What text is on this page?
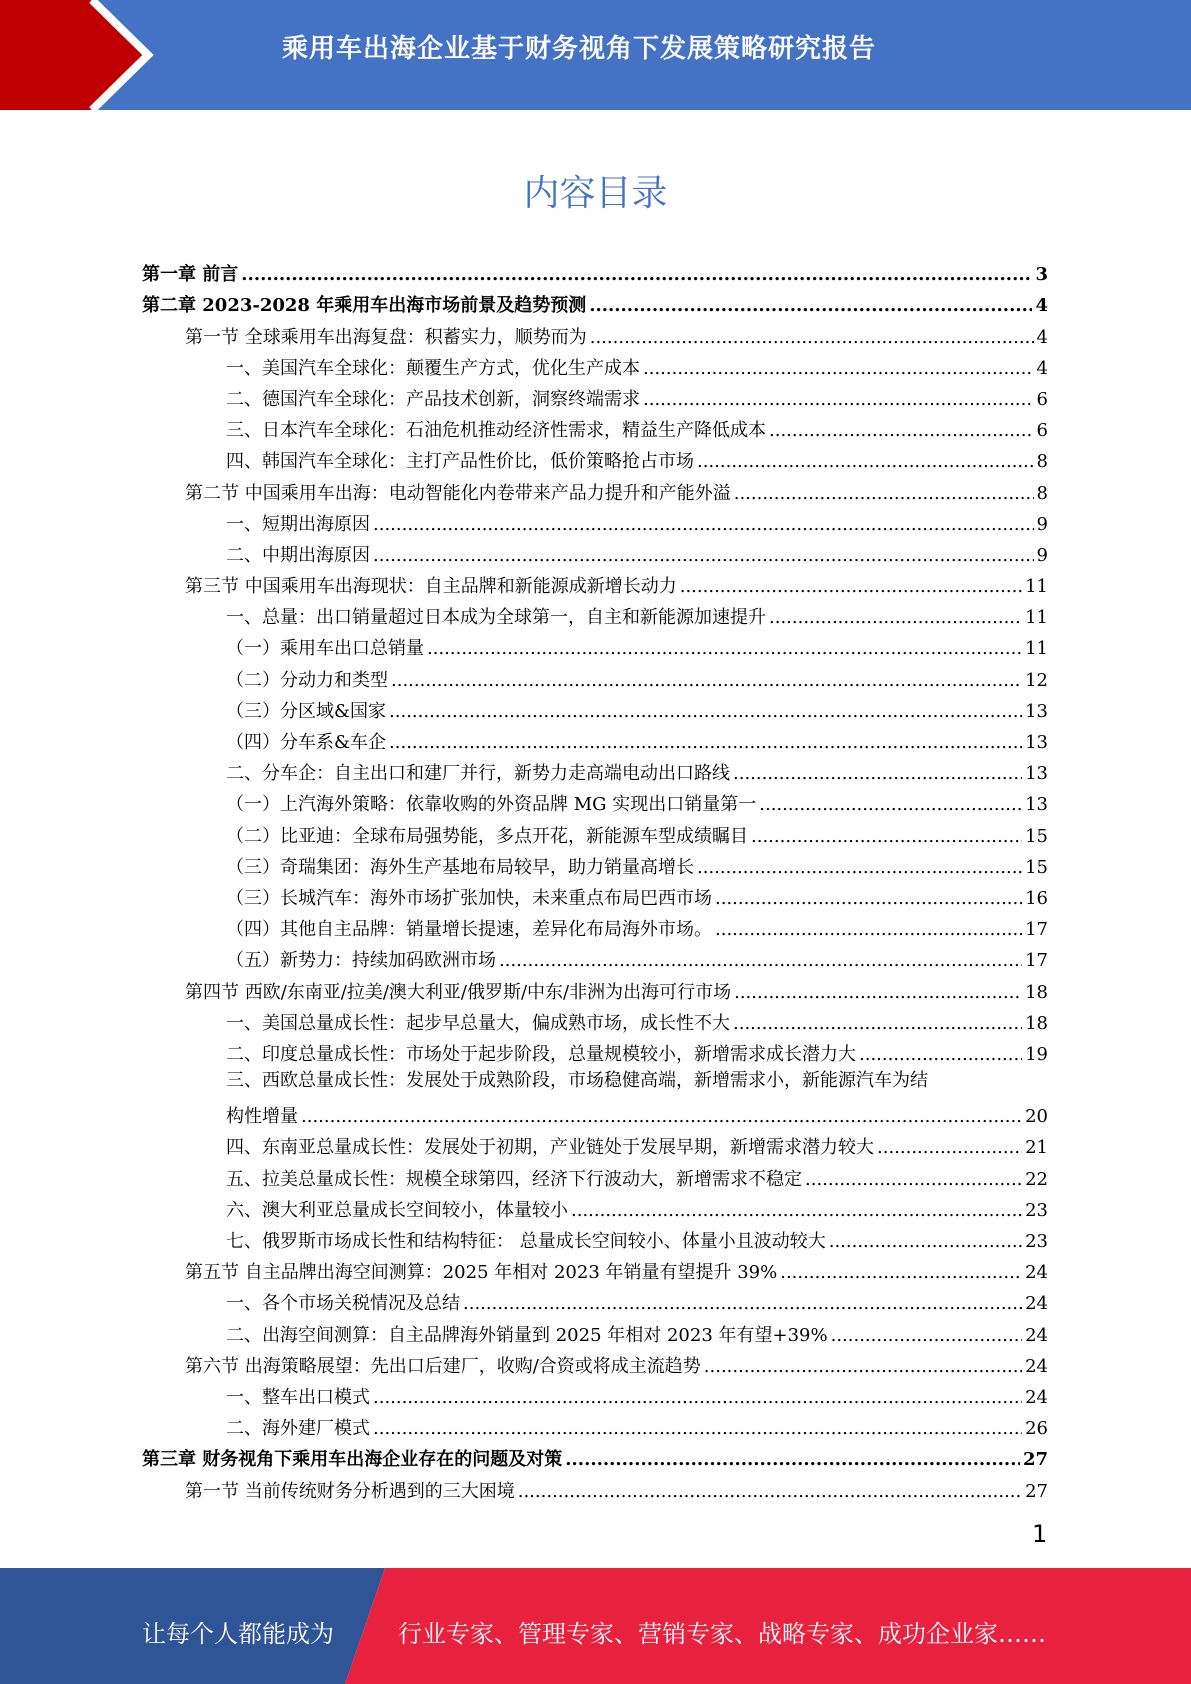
乘用车出海企业基于财务视角下发展策略研究报告
内容目录
第一章 前言 .....	3
第二章 2023-2028 年乘用车出海市场前景及趋势预测 .....	4
第一节 全球乘用车出海复盘：积蓄实力，顺势而为 .....	4
一、美国汽车全球化：颠覆生产方式，优化生产成本 .....	4
二、德国汽车全球化：产品技术创新，洞察终端需求 .....	6
三、日本汽车全球化：石油危机推动经济性需求，精益生产降低成本 .....	6
四、韩国汽车全球化：主打产品性价比，低价策略抢占市场 .....	8
第二节 中国乘用车出海：电动智能化内卷带来产品力提升和产能外溢 .....	8
一、短期出海原因 .....	9
二、中期出海原因 .....	9
第三节 中国乘用车出海现状：自主品牌和新能源成新增长动力 .....	11
一、总量：出口销量超过日本成为全球第一，自主和新能源加速提升 .....	11
（一）乘用车出口总销量 .....	11
（二）分动力和类型 .....	12
（三）分区域&国家 .....	13
（四）分车系&车企 .....	13
二、分车企：自主出口和建厂并行，新势力走高端电动出口路线 .....	13
（一）上汽海外策略：依靠收购的外资品牌 MG 实现出口销量第一 .....	13
（二）比亚迪：全球布局强势能，多点开花，新能源车型成绩瞩目 .....	15
（三）奇瑞集团：海外生产基地布局较早，助力销量高增长 .....	15
（三）长城汽车：海外市场扩张加快，未来重点布局巴西市场 .....	16
（四）其他自主品牌：销量增长提速，差异化布局海外市场。 .....	17
（五）新势力：持续加码欧洲市场 .....	17
第四节 西欧/东南亚/拉美/澳大利亚/俄罗斯/中东/非洲为出海可行市场 .....	18
一、美国总量成长性：起步早总量大，偏成熟市场，成长性不大 .....	18
二、印度总量成长性：市场处于起步阶段，总量规模较小，新增需求成长潜力大 .....	19
三、西欧总量成长性：发展处于成熟阶段，市场稳健高端，新增需求小，新能源汽车为结
构性增量 .....	20
四、东南亚总量成长性：发展处于初期，产业链处于发展早期，新增需求潜力较大 .....	21
五、拉美总量成长性：规模全球第四，经济下行波动大，新增需求不稳定 .....	22
六、澳大利亚总量成长空间较小，体量较小 .....	23
七、俄罗斯市场成长性和结构特征： 总量成长空间较小、体量小且波动较大 .....	23
第五节 自主品牌出海空间测算：2025 年相对 2023 年销量有望提升 39% .....	24
一、各个市场关税情况及总结 .....	24
二、出海空间测算：自主品牌海外销量到 2025 年相对 2023 年有望+39% .....	24
第六节 出海策略展望：先出口后建厂，收购/合资或将成主流趋势 .....	24
一、整车出口模式 .....	24
二、海外建厂模式 .....	26
第三章 财务视角下乘用车出海企业存在的问题及对策 .....	27
第一节 当前传统财务分析遇到的三大困境 .....	27
1
让每个人都能成为	行业专家、管理专家、营销专家、战略专家、成功企业家……
